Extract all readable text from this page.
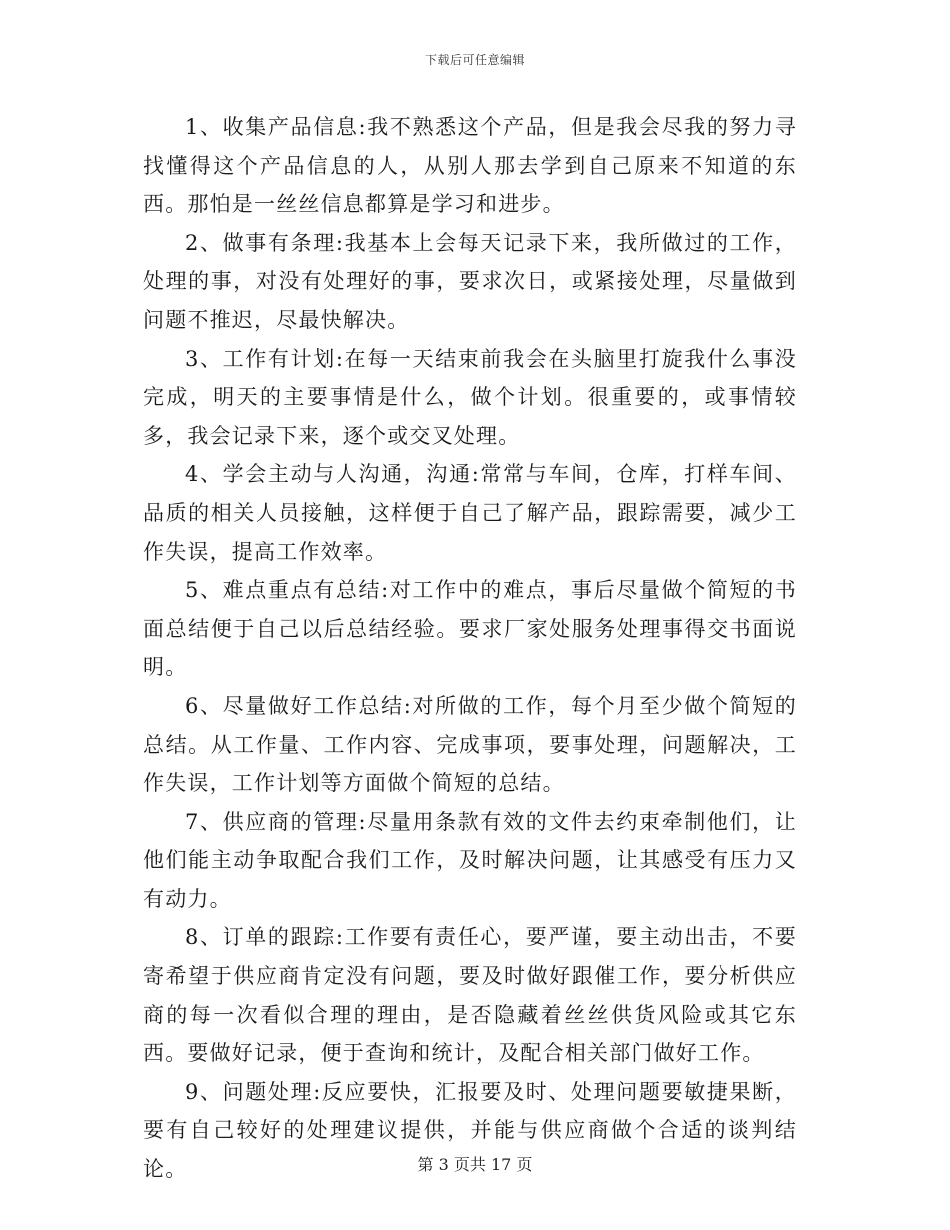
下载后可任意编辑

1、收集产品信息:我不熟悉这个产品，但是我会尽我的努力寻找懂得这个产品信息的人，从别人那去学到自己原来不知道的东西。那怕是一丝丝信息都算是学习和进步。

2、做事有条理:我基本上会每天记录下来，我所做过的工作，处理的事，对没有处理好的事，要求次日，或紧接处理，尽量做到问题不推迟，尽最快解决。

3、工作有计划:在每一天结束前我会在头脑里打旋我什么事没完成，明天的主要事情是什么，做个计划。很重要的，或事情较多，我会记录下来，逐个或交叉处理。

4、学会主动与人沟通，沟通:常常与车间，仓库，打样车间、品质的相关人员接触，这样便于自己了解产品，跟踪需要，减少工作失误，提高工作效率。

5、难点重点有总结:对工作中的难点，事后尽量做个简短的书面总结便于自己以后总结经验。要求厂家处服务处理事得交书面说明。

6、尽量做好工作总结:对所做的工作，每个月至少做个简短的总结。从工作量、工作内容、完成事项，要事处理，问题解决，工作失误，工作计划等方面做个简短的总结。

7、供应商的管理:尽量用条款有效的文件去约束牵制他们，让他们能主动争取配合我们工作，及时解决问题，让其感受有压力又有动力。

8、订单的跟踪:工作要有责任心，要严谨，要主动出击，不要寄希望于供应商肯定没有问题，要及时做好跟催工作，要分析供应商的每一次看似合理的理由，是否隐藏着丝丝供货风险或其它东西。要做好记录，便于查询和统计，及配合相关部门做好工作。

9、问题处理:反应要快，汇报要及时、处理问题要敏捷果断，要有自己较好的处理建议提供，并能与供应商做个合适的谈判结论。	第 3 页共 17 页
